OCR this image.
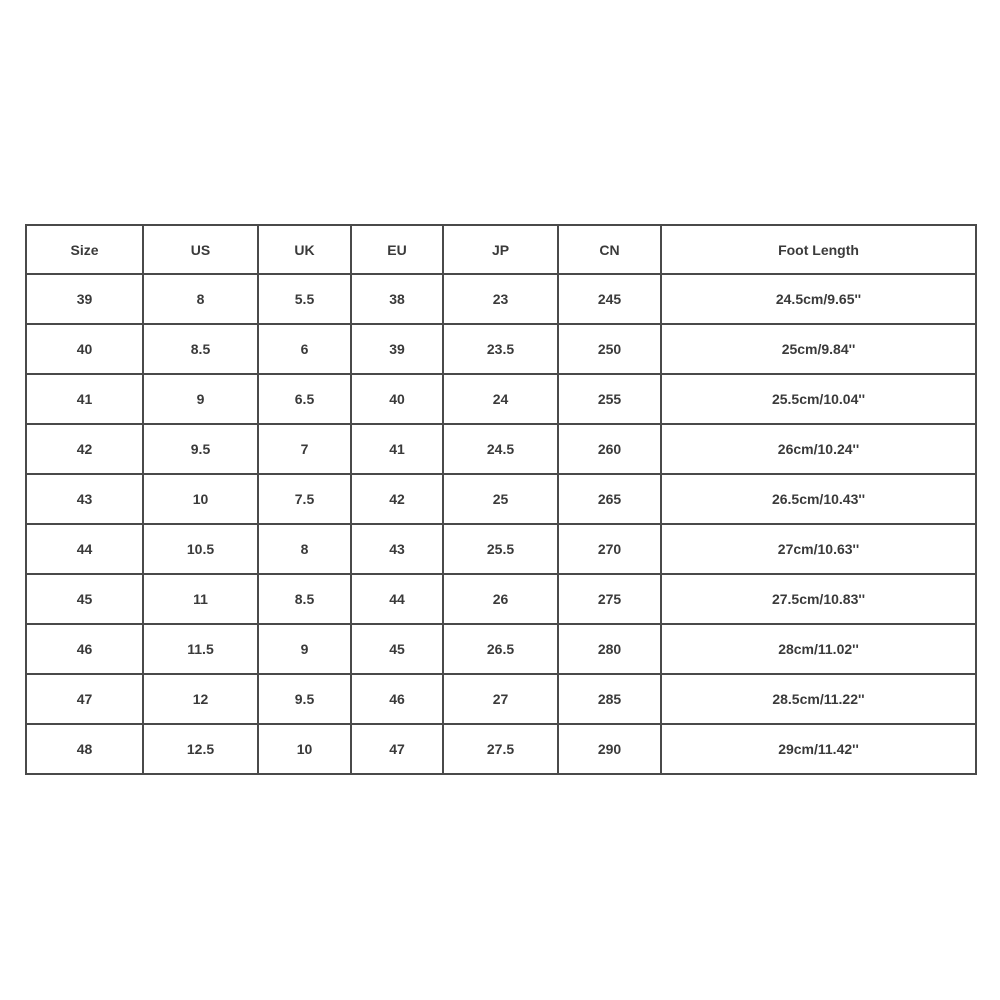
Size	US	UK	EU	JP	CN	Foot Length
39	8	5.5	38	23	245	24.5cm/9.65''
40	8.5	6	39	23.5	250	25cm/9.84''
41	9	6.5	40	24	255	25.5cm/10.04''
42	9.5	7	41	24.5	260	26cm/10.24''
43	10	7.5	42	25	265	26.5cm/10.43''
44	10.5	8	43	25.5	270	27cm/10.63''
45	11	8.5	44	26	275	27.5cm/10.83''
46	11.5	9	45	26.5	280	28cm/11.02''
47	12	9.5	46	27	285	28.5cm/11.22''
48	12.5	10	47	27.5	290	29cm/11.42''
